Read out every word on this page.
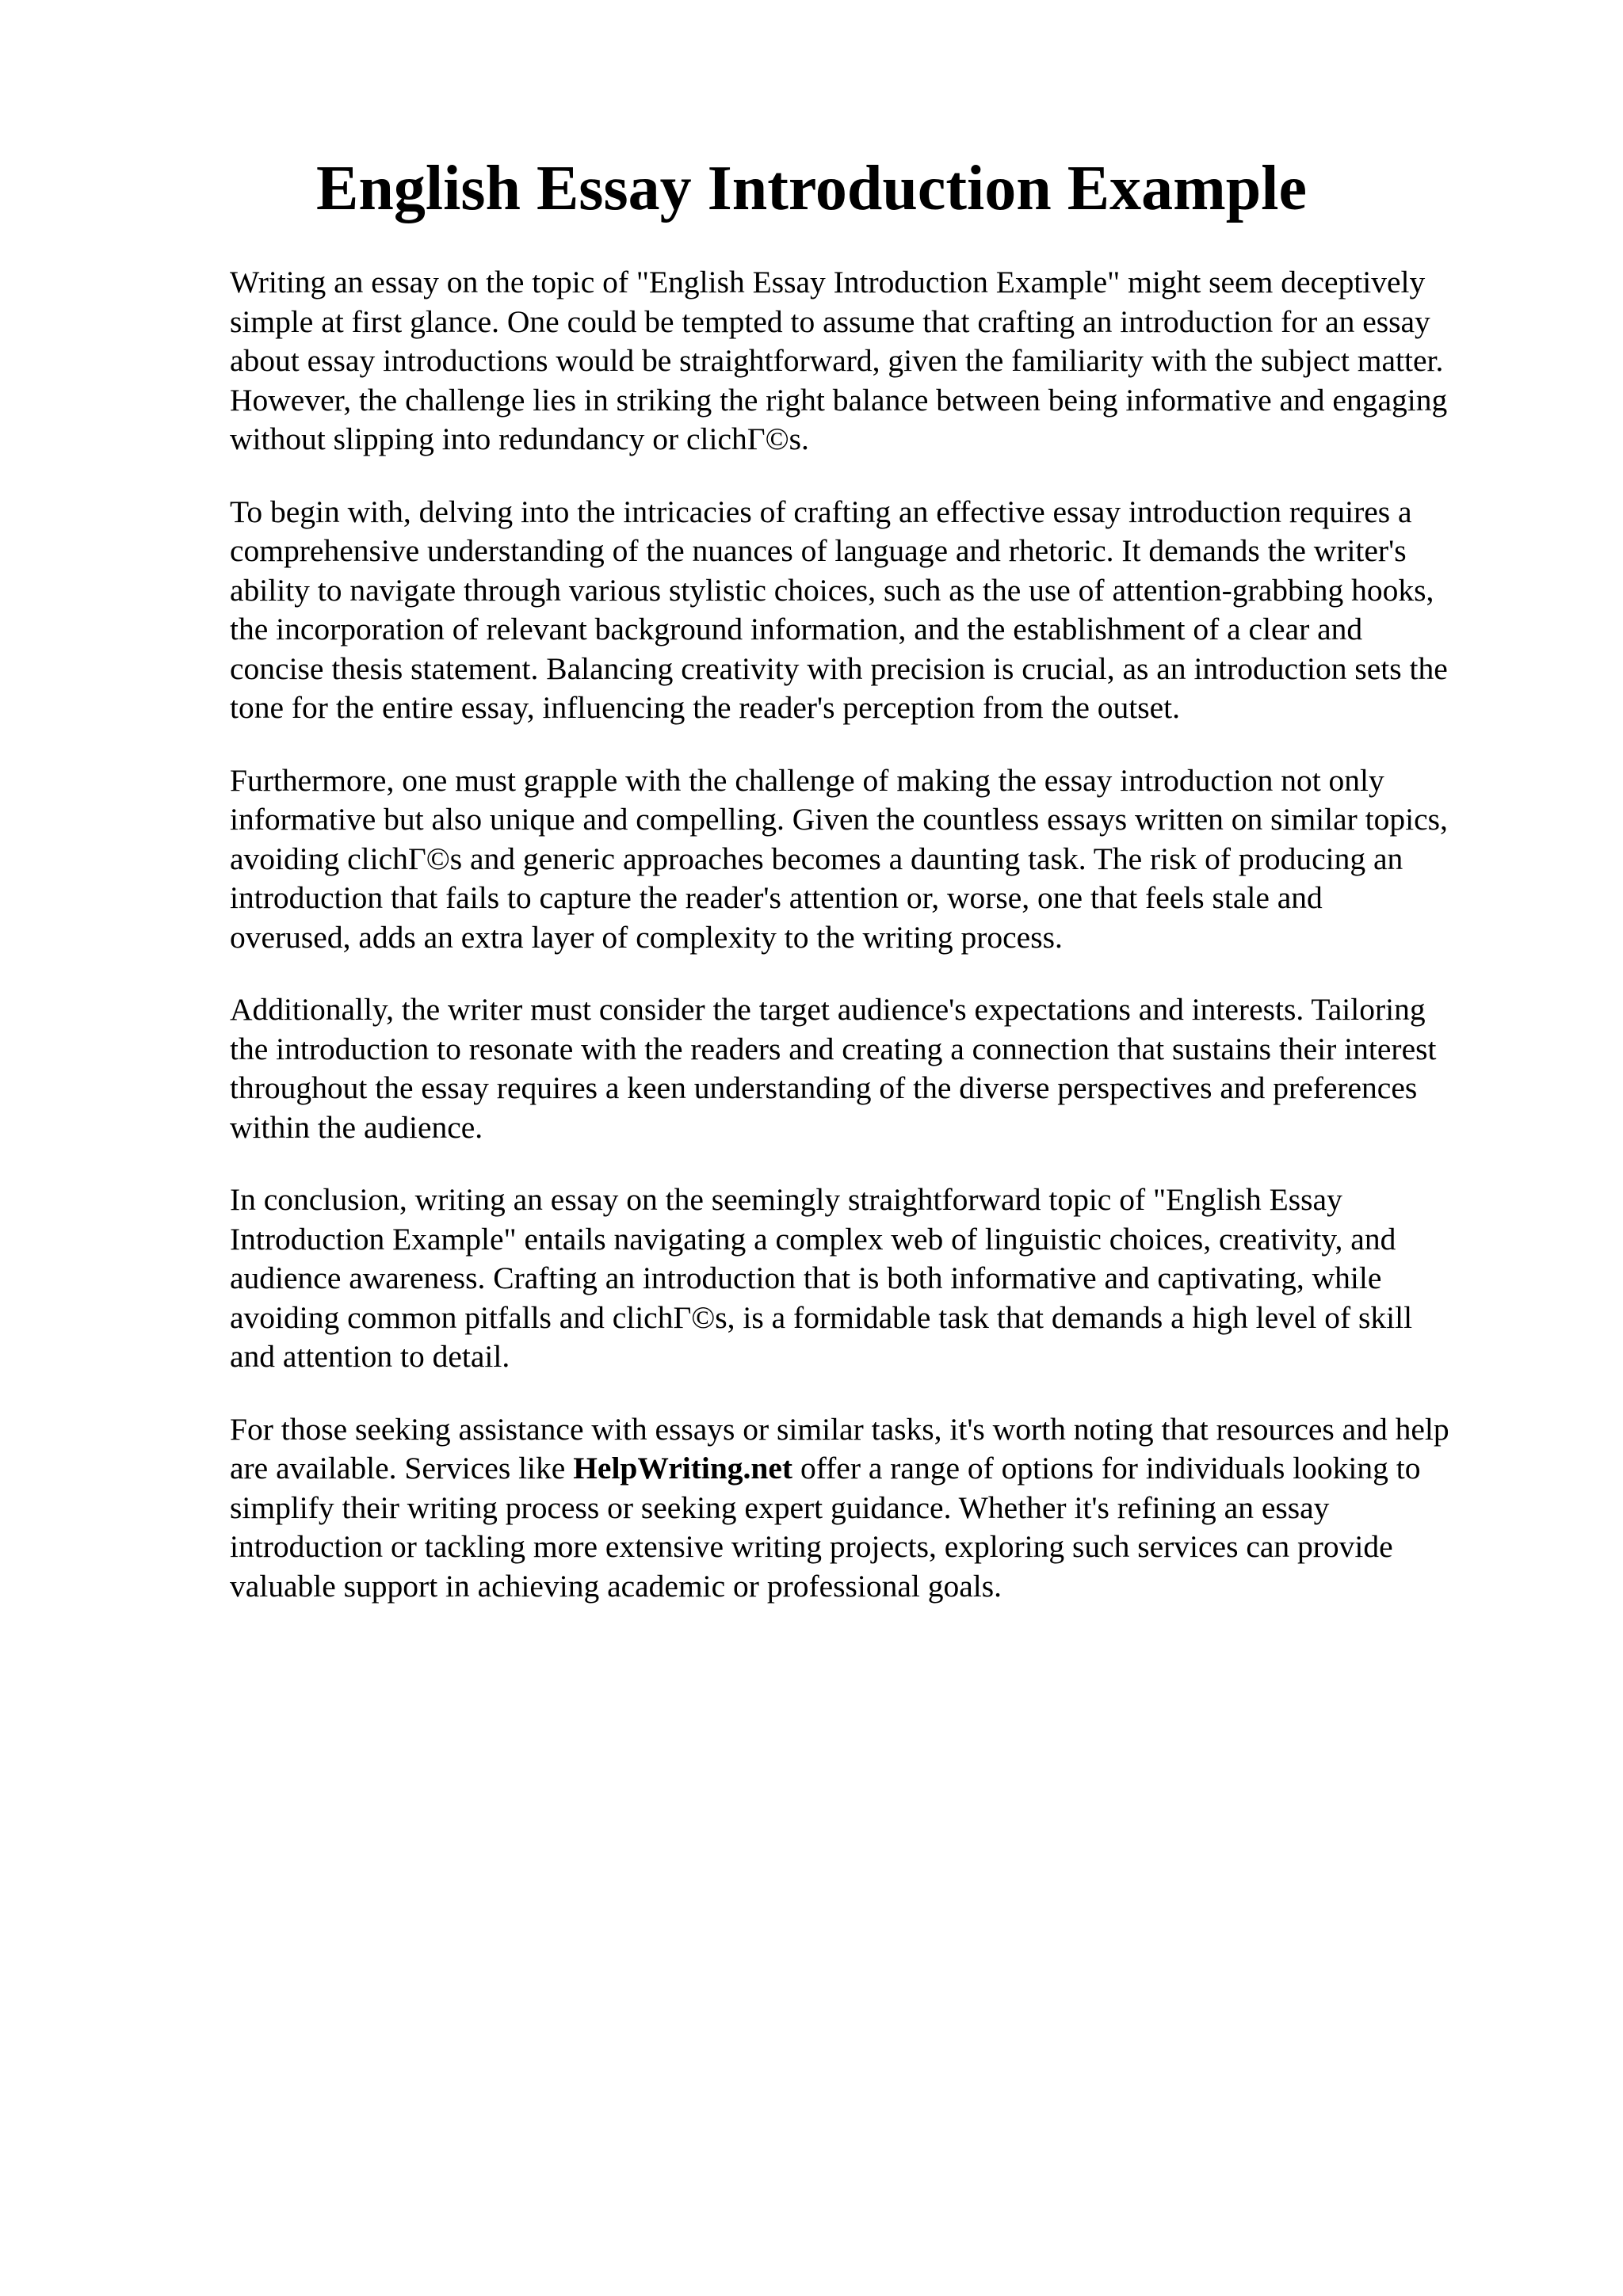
English Essay Introduction Example

Writing an essay on the topic of "English Essay Introduction Example" might seem deceptively
simple at first glance. One could be tempted to assume that crafting an introduction for an essay
about essay introductions would be straightforward, given the familiarity with the subject matter.
However, the challenge lies in striking the right balance between being informative and engaging
without slipping into redundancy or clichΓ©s.

To begin with, delving into the intricacies of crafting an effective essay introduction requires a
comprehensive understanding of the nuances of language and rhetoric. It demands the writer's
ability to navigate through various stylistic choices, such as the use of attention-grabbing hooks,
the incorporation of relevant background information, and the establishment of a clear and
concise thesis statement. Balancing creativity with precision is crucial, as an introduction sets the
tone for the entire essay, influencing the reader's perception from the outset.

Furthermore, one must grapple with the challenge of making the essay introduction not only
informative but also unique and compelling. Given the countless essays written on similar topics,
avoiding clichΓ©s and generic approaches becomes a daunting task. The risk of producing an
introduction that fails to capture the reader's attention or, worse, one that feels stale and
overused, adds an extra layer of complexity to the writing process.

Additionally, the writer must consider the target audience's expectations and interests. Tailoring
the introduction to resonate with the readers and creating a connection that sustains their interest
throughout the essay requires a keen understanding of the diverse perspectives and preferences
within the audience.

In conclusion, writing an essay on the seemingly straightforward topic of "English Essay
Introduction Example" entails navigating a complex web of linguistic choices, creativity, and
audience awareness. Crafting an introduction that is both informative and captivating, while
avoiding common pitfalls and clichΓ©s, is a formidable task that demands a high level of skill
and attention to detail.

For those seeking assistance with essays or similar tasks, it's worth noting that resources and help
are available. Services like HelpWriting.net offer a range of options for individuals looking to
simplify their writing process or seeking expert guidance. Whether it's refining an essay
introduction or tackling more extensive writing projects, exploring such services can provide
valuable support in achieving academic or professional goals.
